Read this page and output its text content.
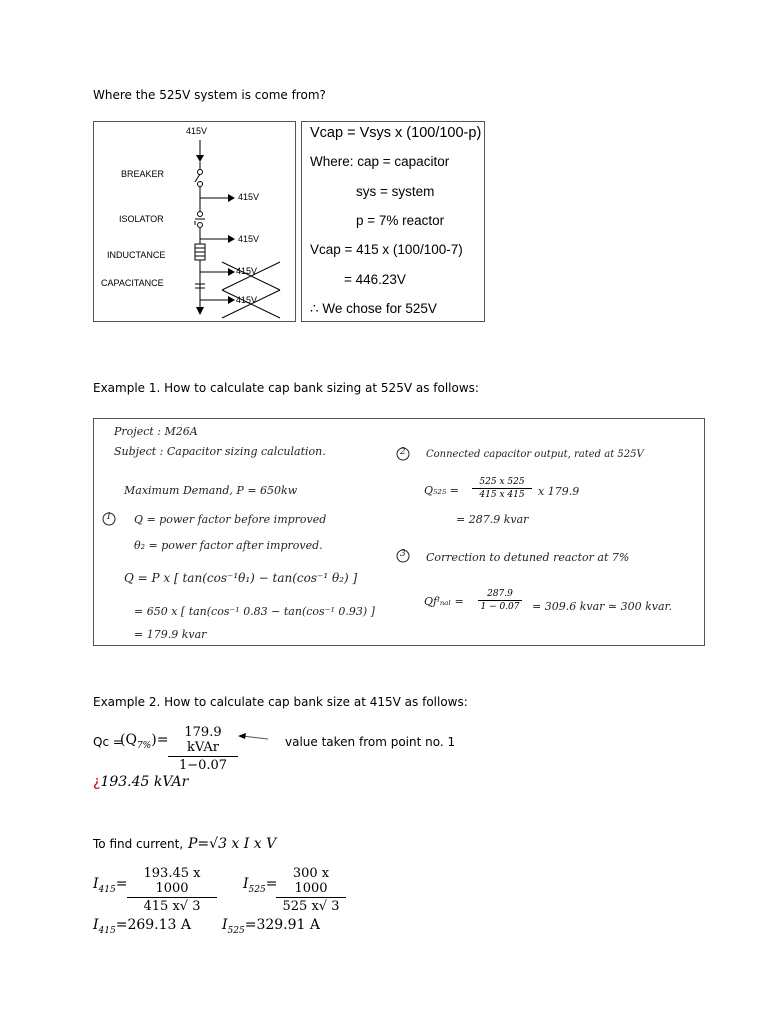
Where the 525V system is come from?
415V
BREAKER
ISOLATOR
INDUCTANCE
CAPACITANCE
415V
415V
415V
415V
Vcap = Vsys x (100/100-p)
Where: cap = capacitor
sys = system
p = 7% reactor
Vcap = 415 x (100/100-7)
= 446.23V
∴ We chose for 525V
Example 1. How to calculate cap bank sizing at 525V as follows:
Project : M26A
Subject : Capacitor sizing calculation.
Maximum Demand, P = 650kw
1 Q = power factor before improved
θ₂ = power factor after improved.
Q = P x [ tan(cos⁻¹θ₁) − tan(cos⁻¹ θ₂) ]
= 650 x [ tan(cos⁻¹ 0.83 − tan(cos⁻¹ 0.93) ]
= 179.9 kvar
2 Connected capacitor output, rated at 525V
Q₅₂₅ =
525 x 525
415 x 415	x 179.9
= 287.9 kvar
3 Correction to detuned reactor at 7%
Qƒᴵₙₐₗ =
287.9
1 − 0.07 = 309.6 kvar ≃ 300 kvar.
Example 2. How to calculate cap bank size at 415V as follows:
Qc =
$(Q_{7\%})=$	179.9 kVAr
1−0.07
value taken from point no. 1
¿193.45 kVAr
To find current, P=√3 x I x V
$I_{415}=$
193.45 x 1000
415 x√ 3
$I_{525}=$
300 x 1000
525 x√ 3
$I_{415}=269.13$ A $I_{525}=329.91$ A
